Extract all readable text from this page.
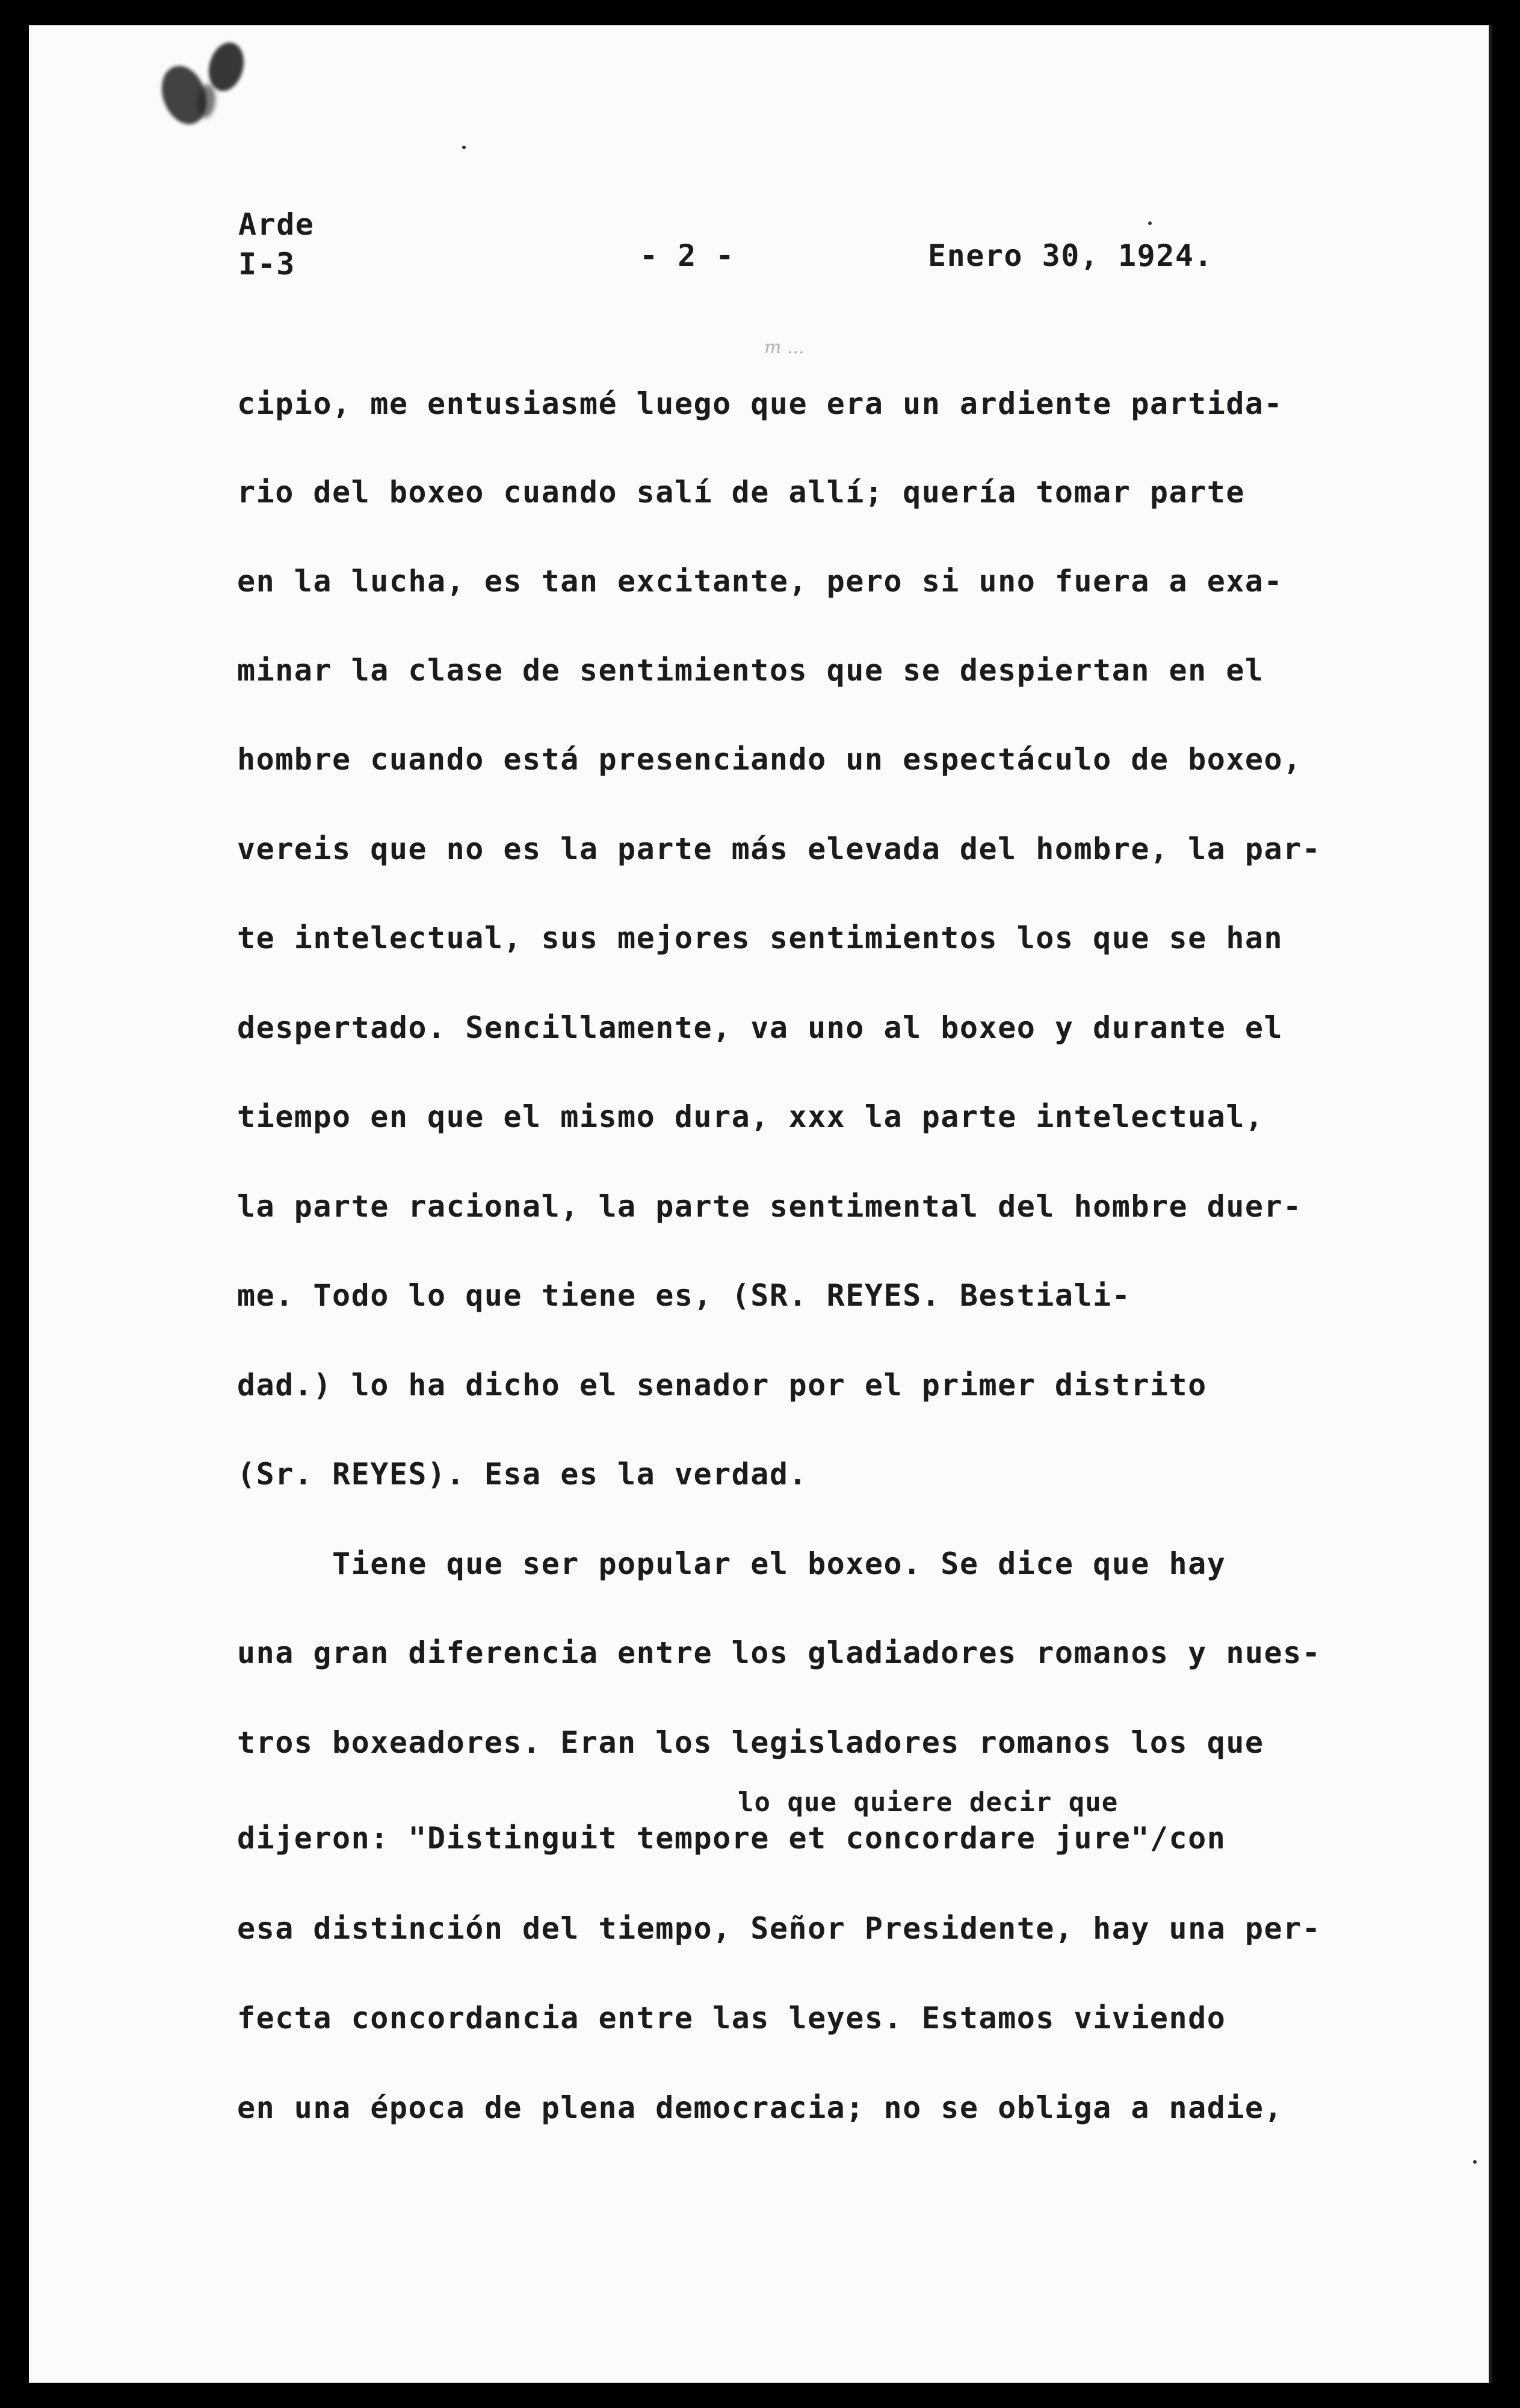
Arde
I-3	- 2 -	Enero 30, 1924.
m ...
cipio, me entusiasmé luego que era un ardiente partida-
rio del boxeo cuando salí de allí; quería tomar parte
en la lucha, es tan excitante, pero si uno fuera a exa-
minar la clase de sentimientos que se despiertan en el
hombre cuando está presenciando un espectáculo de boxeo,
vereis que no es la parte más elevada del hombre, la par-
te intelectual, sus mejores sentimientos los que se han
despertado. Sencillamente, va uno al boxeo y durante el
tiempo en que el mismo dura, xxx la parte intelectual,
la parte racional, la parte sentimental del hombre duer-
me. Todo lo que tiene es, (SR. REYES. Bestiali-
dad.) lo ha dicho el senador por el primer distrito
(Sr. REYES). Esa es la verdad.
Tiene que ser popular el boxeo. Se dice que hay
una gran diferencia entre los gladiadores romanos y nues-
tros boxeadores. Eran los legisladores romanos los que
lo que quiere decir que
dijeron: "Distinguit tempore et concordare jure"/con
esa distinción del tiempo, Señor Presidente, hay una per-
fecta concordancia entre las leyes. Estamos viviendo
en una época de plena democracia; no se obliga a nadie,
